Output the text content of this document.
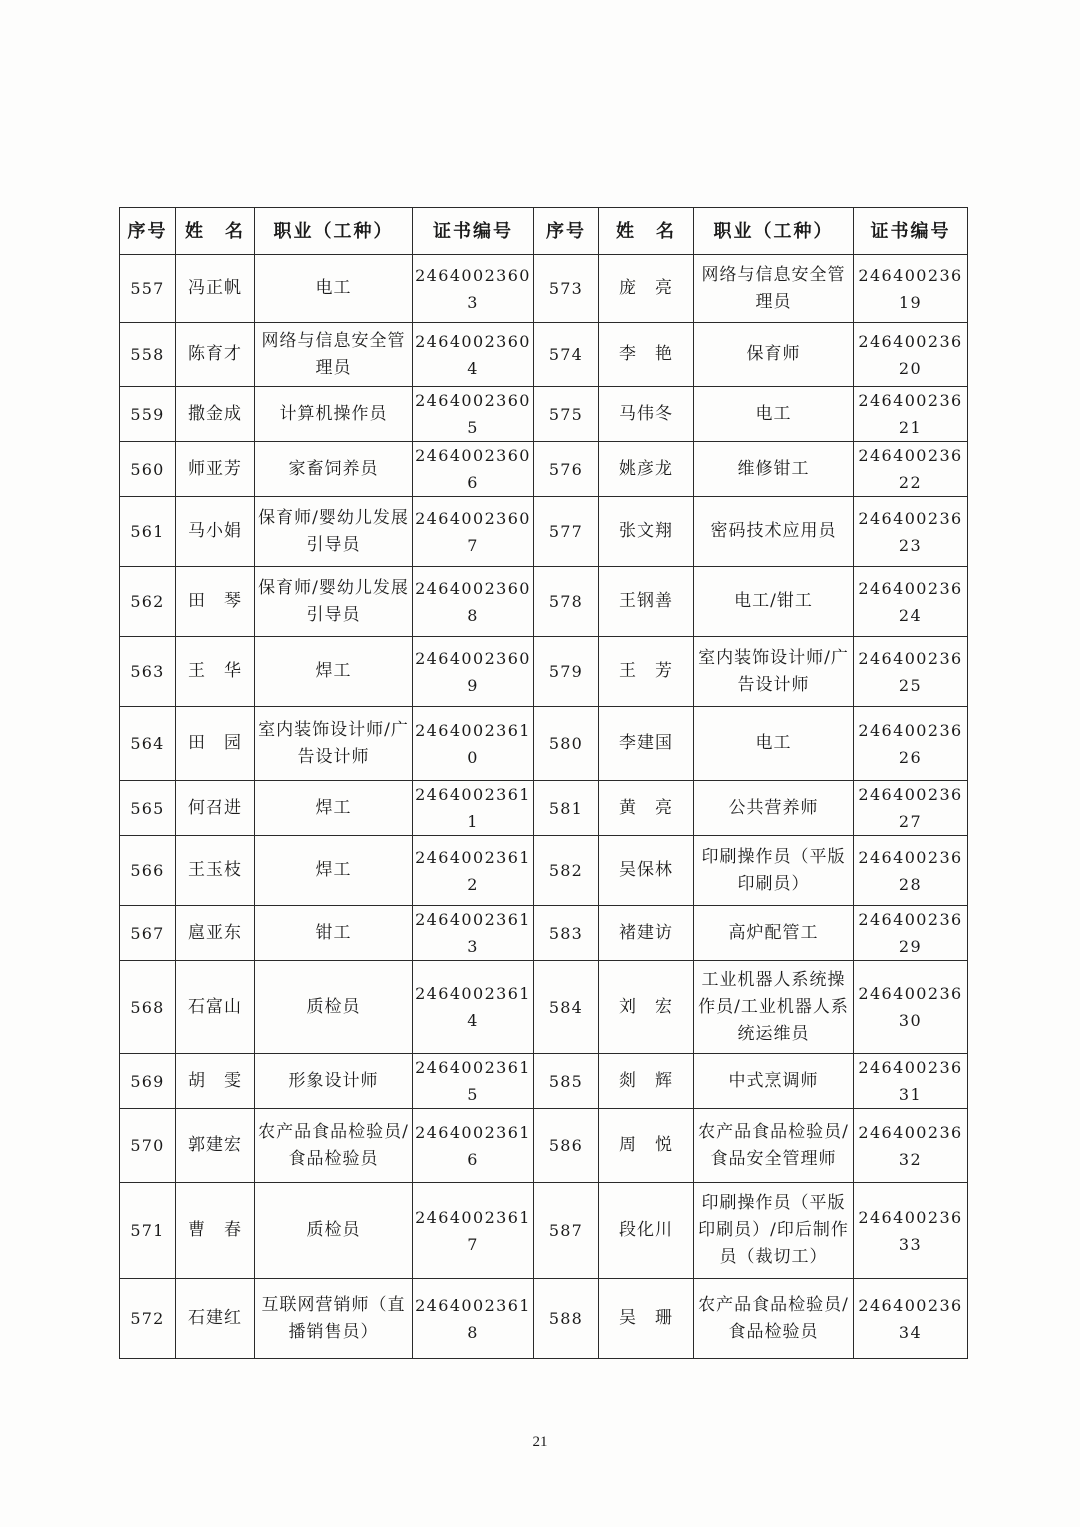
序号	姓　名	职业（工种）	证书编号	序号	姓　名	职业（工种）	证书编号
557	冯正帆	电工	24640023603	573	庞　亮	网络与信息安全管理员	24640023619
558	陈育才	网络与信息安全管理员	24640023604	574	李　艳	保育师	24640023620
559	撒金成	计算机操作员	24640023605	575	马伟冬	电工	24640023621
560	师亚芳	家畜饲养员	24640023606	576	姚彦龙	维修钳工	24640023622
561	马小娟	保育师/婴幼儿发展引导员	24640023607	577	张文翔	密码技术应用员	24640023623
562	田　琴	保育师/婴幼儿发展引导员	24640023608	578	王钢善	电工/钳工	24640023624
563	王　华	焊工	24640023609	579	王　芳	室内装饰设计师/广告设计师	24640023625
564	田　园	室内装饰设计师/广告设计师	24640023610	580	李建国	电工	24640023626
565	何召进	焊工	24640023611	581	黄　亮	公共营养师	24640023627
566	王玉枝	焊工	24640023612	582	吴保林	印刷操作员（平版印刷员）	24640023628
567	扈亚东	钳工	24640023613	583	褚建访	高炉配管工	24640023629
568	石富山	质检员	24640023614	584	刘　宏	工业机器人系统操作员/工业机器人系统运维员	24640023630
569	胡　雯	形象设计师	24640023615	585	剡　辉	中式烹调师	24640023631
570	郭建宏	农产品食品检验员/食品检验员	24640023616	586	周　悦	农产品食品检验员/食品安全管理师	24640023632
571	曹　春	质检员	24640023617	587	段化川	印刷操作员（平版印刷员）/印后制作员（裁切工）	24640023633
572	石建红	互联网营销师（直播销售员）	24640023618	588	吴　珊	农产品食品检验员/食品检验员	24640023634
21
